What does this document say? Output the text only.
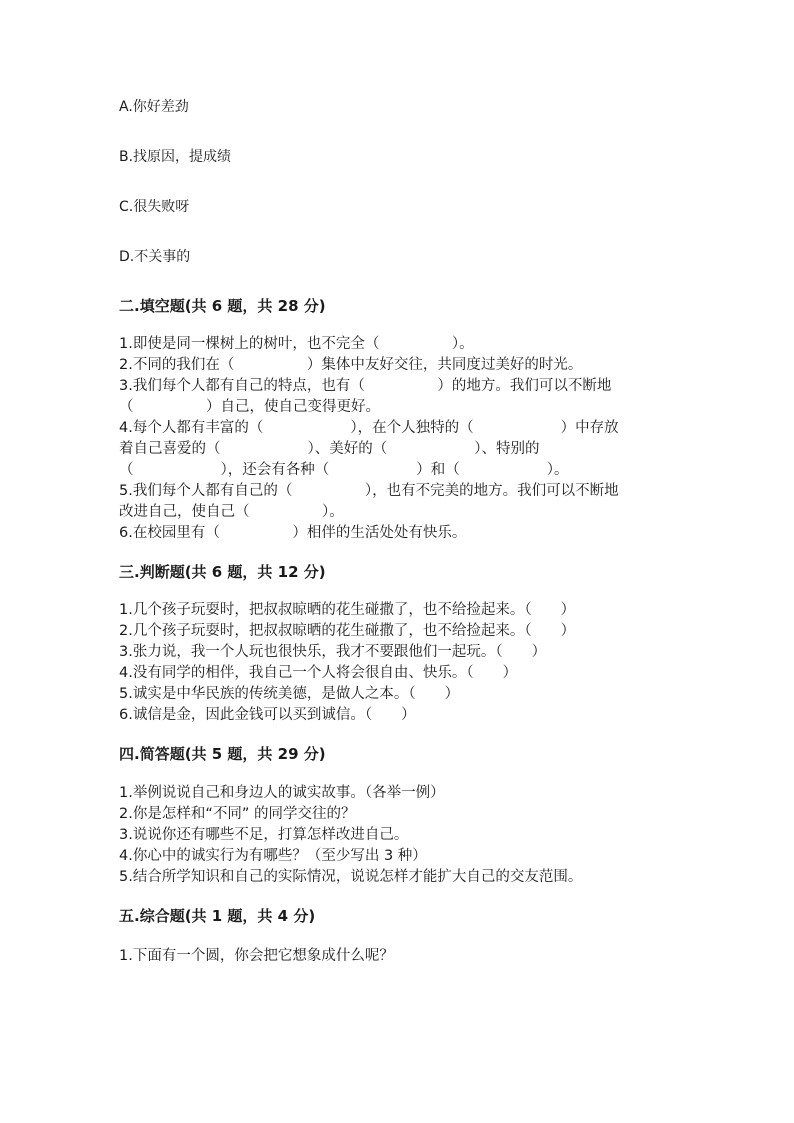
A.你好差劲
B.找原因，提成绩
C.很失败呀
D.不关事的
二.填空题(共 6 题，共 28 分)
1.即使是同一棵树上的树叶，也不完全（　　　　　）。
2.不同的我们在（　　　　　）集体中友好交往，共同度过美好的时光。
3.我们每个人都有自己的特点，也有（　　　　　）的地方。我们可以不断地
（　　　　　）自己，使自己变得更好。
4.每个人都有丰富的（　　　　　　），在个人独特的（　　　　　　）中存放
着自己喜爱的（　　　　　　）、美好的（　　　　　　）、特别的
（　　　　　　），还会有各种（　　　　　　）和（　　　　　　）。
5.我们每个人都有自己的（　　　　　），也有不完美的地方。我们可以不断地
改进自己，使自己（　　　　　）。
6.在校园里有（　　　　　）相伴的生活处处有快乐。
三.判断题(共 6 题，共 12 分)
1.几个孩子玩耍时，把叔叔晾晒的花生碰撒了，也不给捡起来。（　　）
2.几个孩子玩耍时，把叔叔晾晒的花生碰撒了，也不给捡起来。（　　）
3.张力说，我一个人玩也很快乐，我才不要跟他们一起玩。（　　）
4.没有同学的相伴，我自己一个人将会很自由、快乐。（　　）
5.诚实是中华民族的传统美德，是做人之本。（　　）
6.诚信是金，因此金钱可以买到诚信。（　　）
四.简答题(共 5 题，共 29 分)
1.举例说说自己和身边人的诚实故事。（各举一例）
2.你是怎样和“不同” 的同学交往的？
3.说说你还有哪些不足，打算怎样改进自己。
4.你心中的诚实行为有哪些？（至少写出 3 种）
5.结合所学知识和自己的实际情况，说说怎样才能扩大自己的交友范围。
五.综合题(共 1 题，共 4 分)
1.下面有一个圆，你会把它想象成什么呢？
